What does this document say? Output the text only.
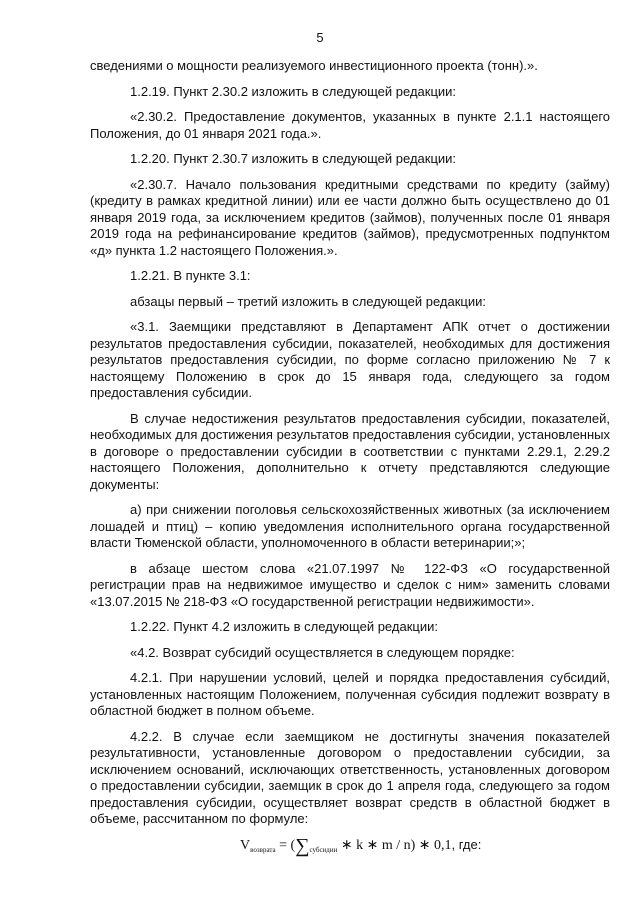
5

сведениями о мощности реализуемого инвестиционного проекта (тонн).».

1.2.19. Пункт 2.30.2 изложить в следующей редакции:

«2.30.2. Предоставление документов, указанных в пункте 2.1.1 настоящего Положения, до 01 января 2021 года.».

1.2.20. Пункт 2.30.7 изложить в следующей редакции:

«2.30.7. Начало пользования кредитными средствами по кредиту (займу) (кредиту в рамках кредитной линии) или ее части должно быть осуществлено до 01 января 2019 года, за исключением кредитов (займов), полученных после 01 января 2019 года на рефинансирование кредитов (займов), предусмотренных подпунктом «д» пункта 1.2 настоящего Положения.».

1.2.21. В пункте 3.1:

абзацы первый – третий изложить в следующей редакции:

«3.1. Заемщики представляют в Департамент АПК отчет о достижении результатов предоставления субсидии, показателей, необходимых для достижения результатов предоставления субсидии, по форме согласно приложению № 7 к настоящему Положению в срок до 15 января года, следующего за годом предоставления субсидии.

В случае недостижения результатов предоставления субсидии, показателей, необходимых для достижения результатов предоставления субсидии, установленных в договоре о предоставлении субсидии в соответствии с пунктами 2.29.1, 2.29.2 настоящего Положения, дополнительно к отчету представляются следующие документы:

а) при снижении поголовья сельскохозяйственных животных (за исключением лошадей и птиц) – копию уведомления исполнительного органа государственной власти Тюменской области, уполномоченного в области ветеринарии;»;

в абзаце шестом слова «21.07.1997 № 122-ФЗ «О государственной регистрации прав на недвижимое имущество и сделок с ним» заменить словами «13.07.2015 № 218-ФЗ «О государственной регистрации недвижимости».

1.2.22. Пункт 4.2 изложить в следующей редакции:

«4.2. Возврат субсидий осуществляется в следующем порядке:

4.2.1. При нарушении условий, целей и порядка предоставления субсидий, установленных настоящим Положением, полученная субсидия подлежит возврату в областной бюджет в полном объеме.

4.2.2. В случае если заемщиком не достигнуты значения показателей результативности, установленные договором о предоставлении субсидии, за исключением оснований, исключающих ответственность, установленных договором о предоставлении субсидии, заемщик в срок до 1 апреля года, следующего за годом предоставления субсидии, осуществляет возврат средств в областной бюджет в объеме, рассчитанном по формуле:

$V_{возврата} = (\sum_{субсидии}$ ∗ k ∗ m / n) ∗ 0,1, где:
